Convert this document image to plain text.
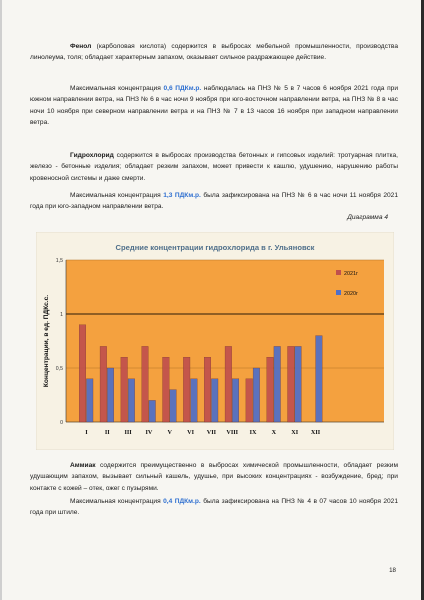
Фенол (карболовая кислота) содержится в выбросах мебельной промышленности, производства линолеума, толя; обладает характерным запахом, оказывает сильное раздражающее действие.
Максимальная концентрация 0,6 ПДКм.р. наблюдалась на ПНЗ № 5 в 7 часов 6 ноября 2021 года при южном направлении ветра, на ПНЗ № 6 в час ночи 9 ноября при юго-восточном направлении ветра, на ПНЗ № 8 в час ночи 10 ноября при северном направлении ветра и на ПНЗ № 7 в 13 часов 16 ноября при западном направлении ветра.
Гидрохлорид содержится в выбросах производства бетонных и гипсовых изделий: тротуарная плитка, железо - бетонные изделия; обладает резким запахом, может привести к кашлю, удушению, нарушению работы кровеносной системы и даже смерти.
Максимальная концентрация 1,3 ПДКм.р. была зафиксирована на ПНЗ № 6 в час ночи 11 ноября 2021 года при юго-западном направлении ветра.
Диаграмма 4
Средние концентрации гидрохлорида в г. Ульяновск
0
0,5
1
1,5
Концентрации, в ед. ПДКс.с.
I	II III IV V VI VII VIII IX X XI XII
2021г
2020г
Аммиак содержится преимущественно в выбросах химической промышленности, обладает резким удушающим запахом, вызывает сильный кашель, удушье, при высоких концентрациях - возбуждение, бред; при контакте с кожей – отек, ожег с пузырями.
Максимальная концентрация 0,4 ПДКм.р. была зафиксирована на ПНЗ № 4 в 07 часов 10 ноября 2021 года при штиле.
18
